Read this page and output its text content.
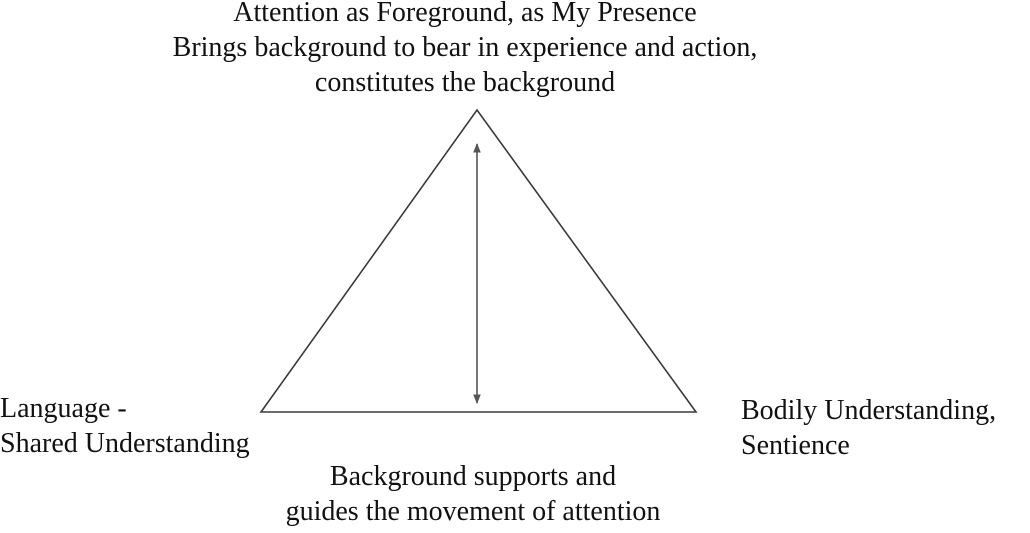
Attention as Foreground, as My Presence
Brings background to bear in experience and action,
constitutes the background
Language -
Shared Understanding
Bodily Understanding,
Sentience
Background supports and
guides the movement of attention
